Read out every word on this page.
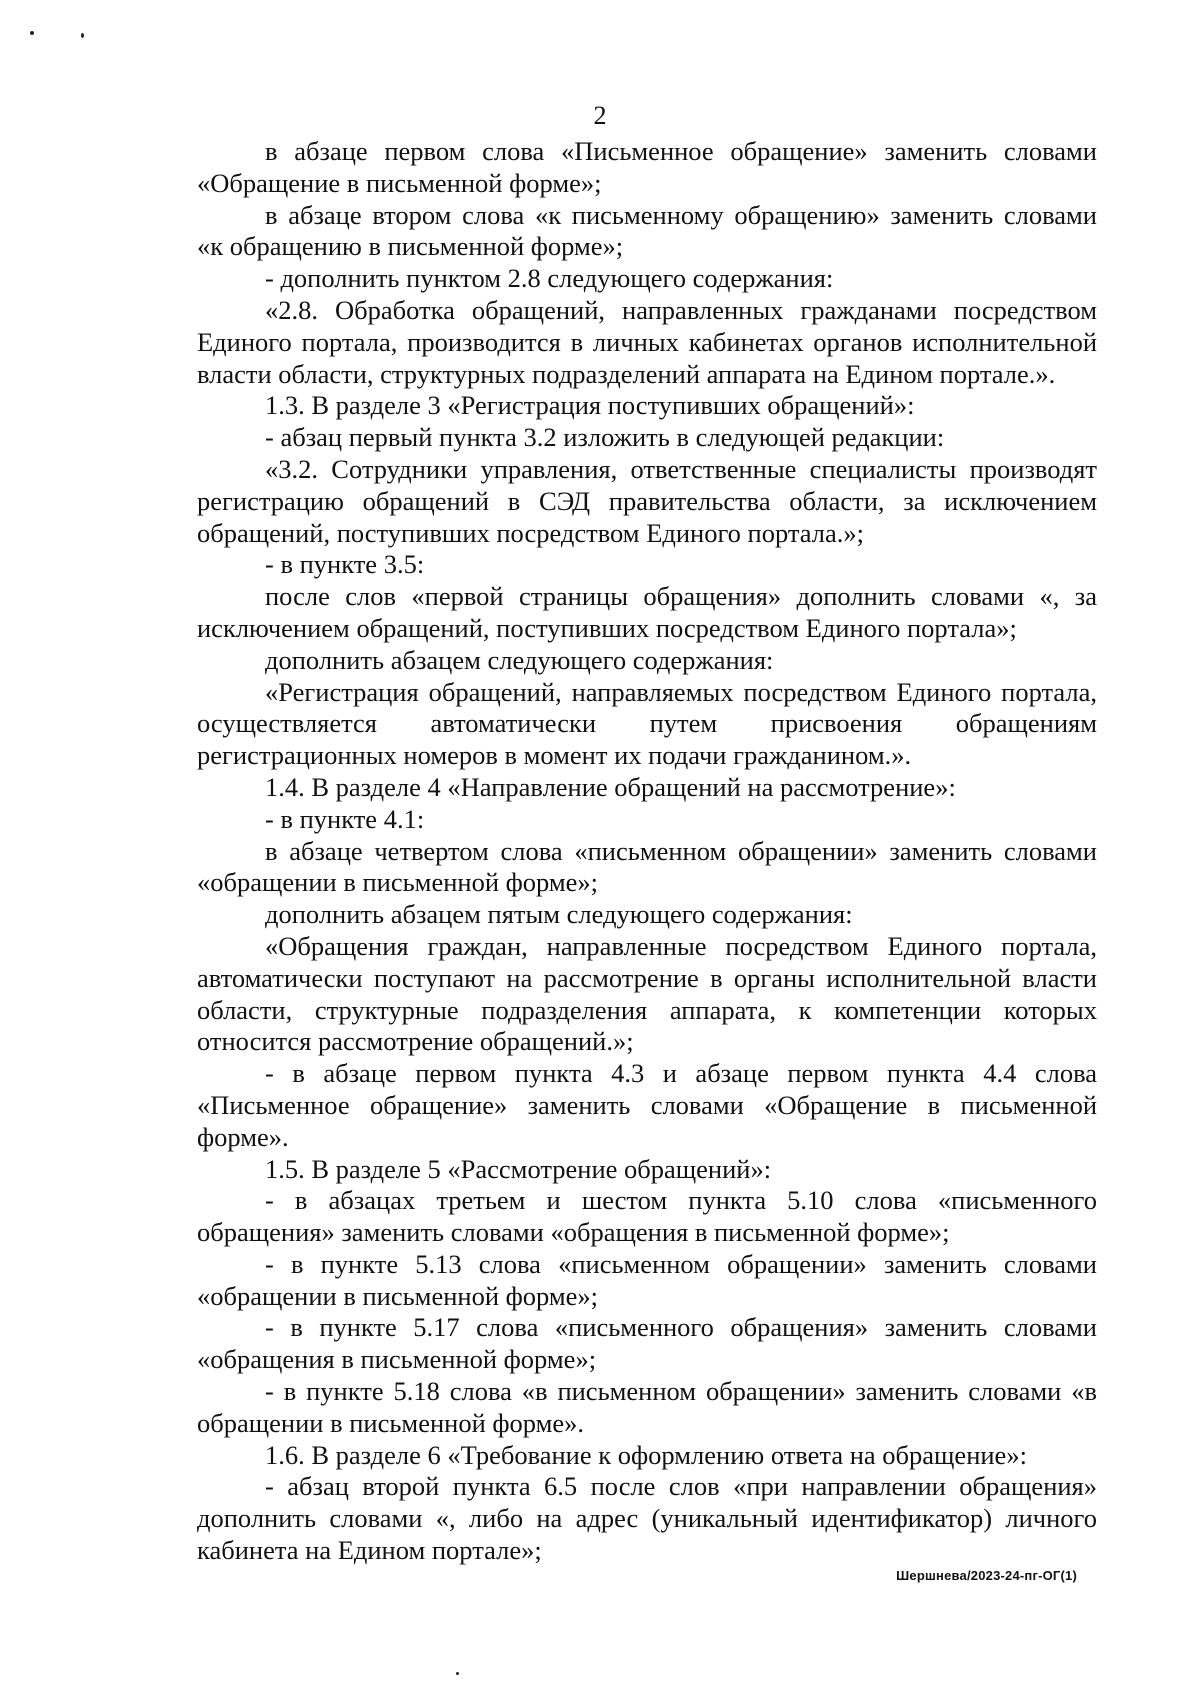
2

в абзаце первом слова «Письменное обращение» заменить словами «Обращение в письменной форме»;

в абзаце втором слова «к письменному обращению» заменить словами «к обращению в письменной форме»;

- дополнить пунктом 2.8 следующего содержания:

«2.8. Обработка обращений, направленных гражданами посредством Единого портала, производится в личных кабинетах органов исполнительной власти области, структурных подразделений аппарата на Едином портале.».

1.3. В разделе 3 «Регистрация поступивших обращений»:

- абзац первый пункта 3.2 изложить в следующей редакции:

«3.2. Сотрудники управления, ответственные специалисты производят регистрацию обращений в СЭД правительства области, за исключением обращений, поступивших посредством Единого портала.»;

- в пункте 3.5:

после слов «первой страницы обращения» дополнить словами «, за исключением обращений, поступивших посредством Единого портала»;

дополнить абзацем следующего содержания:

«Регистрация обращений, направляемых посредством Единого портала, осуществляется автоматически путем присвоения обращениям регистрационных номеров в момент их подачи гражданином.».

1.4. В разделе 4 «Направление обращений на рассмотрение»:

- в пункте 4.1:

в абзаце четвертом слова «письменном обращении» заменить словами «обращении в письменной форме»;

дополнить абзацем пятым следующего содержания:

«Обращения граждан, направленные посредством Единого портала, автоматически поступают на рассмотрение в органы исполнительной власти области, структурные подразделения аппарата, к компетенции которых относится рассмотрение обращений.»;

- в абзаце первом пункта 4.3 и абзаце первом пункта 4.4 слова «Письменное обращение» заменить словами «Обращение в письменной форме».

1.5. В разделе 5 «Рассмотрение обращений»:

- в абзацах третьем и шестом пункта 5.10 слова «письменного обращения» заменить словами «обращения в письменной форме»;

- в пункте 5.13 слова «письменном обращении» заменить словами «обращении в письменной форме»;

- в пункте 5.17 слова «письменного обращения» заменить словами «обращения в письменной форме»;

- в пункте 5.18 слова «в письменном обращении» заменить словами «в обращении в письменной форме».

1.6. В разделе 6 «Требование к оформлению ответа на обращение»:

- абзац второй пункта 6.5 после слов «при направлении обращения» дополнить словами «, либо на адрес (уникальный идентификатор) личного кабинета на Едином портале»;

Шершнева/2023-24-пг-ОГ(1)
